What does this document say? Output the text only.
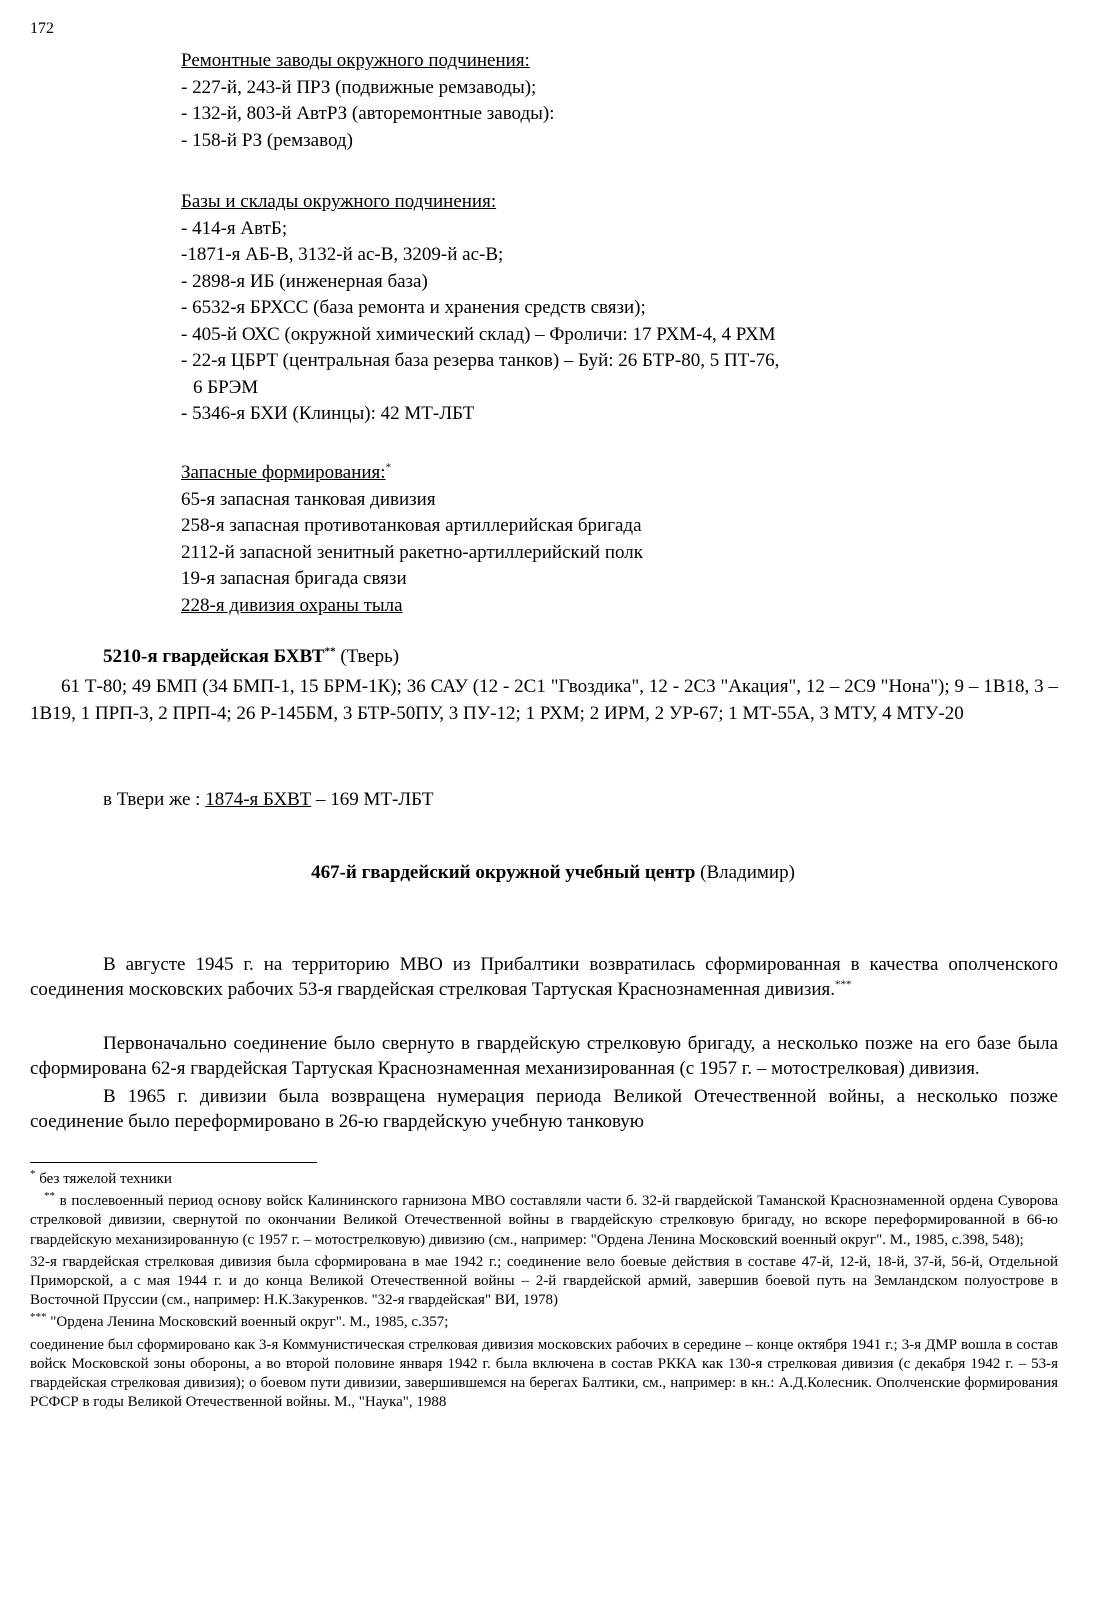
172
Ремонтные заводы окружного подчинения:
- 227-й, 243-й ПРЗ (подвижные ремзаводы);
- 132-й, 803-й АвтРЗ (авторемонтные заводы):
- 158-й РЗ (ремзавод)
Базы и склады окружного подчинения:
- 414-я АвтБ;
-1871-я АБ-В, 3132-й ас-В, 3209-й ас-В;
- 2898-я ИБ (инженерная база)
- 6532-я БРХСС (база ремонта и хранения средств связи);
- 405-й ОХС (окружной химический склад) – Фроличи: 17 РХМ-4, 4 РХМ
- 22-я ЦБРТ (центральная база резерва танков) – Буй: 26 БТР-80, 5 ПТ-76,
6 БРЭМ
- 5346-я БХИ (Клинцы): 42 МТ-ЛБТ
Запасные формирования:*
65-я запасная танковая дивизия
258-я запасная противотанковая артиллерийская бригада
2112-й запасной зенитный ракетно-артиллерийский полк
19-я запасная бригада связи
228-я дивизия охраны тыла
5210-я гвардейская БХВТ** (Тверь)
61 Т-80; 49 БМП (34 БМП-1, 15 БРМ-1К); 36 САУ (12 - 2С1 "Гвоздика", 12 - 2С3 "Акация", 12 – 2С9 "Нона"); 9 – 1В18, 3 – 1В19, 1 ПРП-3, 2 ПРП-4; 26 Р-145БМ, 3 БТР-50ПУ, 3 ПУ-12; 1 РХМ; 2 ИРМ, 2 УР-67; 1 МТ-55А, 3 МТУ, 4 МТУ-20
в Твери же : 1874-я БХВТ – 169 МТ-ЛБТ
467-й гвардейский окружной учебный центр (Владимир)
В августе 1945 г. на территорию МВО из Прибалтики возвратилась сформированная в качества ополченского соединения московских рабочих 53-я гвардейская стрелковая Тартуская Краснознаменная дивизия.***
Первоначально соединение было свернуто в гвардейскую стрелковую бригаду, а несколько позже на его базе была сформирована 62-я гвардейская Тартуская Краснознаменная механизированная (с 1957 г. – мотострелковая) дивизия.
В 1965 г. дивизии была возвращена нумерация периода Великой Отечественной войны, а несколько позже соединение было переформировано в 26-ю гвардейскую учебную танковую

* без тяжелой техники

** в послевоенный период основу войск Калининского гарнизона МВО составляли части б. 32-й гвардейской Таманской Краснознаменной ордена Суворова стрелковой дивизии, свернутой по окончании Великой Отечественной войны в гвардейскую стрелковую бригаду, но вскоре переформированной в 66-ю гвардейскую механизированную (с 1957 г. – мотострелковую) дивизию (см., например: "Ордена Ленина Московский военный округ". М., 1985, с.398, 548);

32-я гвардейская стрелковая дивизия была сформирована в мае 1942 г.; соединение вело боевые действия в составе 47-й, 12-й, 18-й, 37-й, 56-й, Отдельной Приморской, а с мая 1944 г. и до конца Великой Отечественной войны – 2-й гвардейской армий, завершив боевой путь на Земландском полуострове в Восточной Пруссии (см., например: Н.К.Закуренков. "32-я гвардейская" ВИ, 1978)

*** "Ордена Ленина Московский военный округ". М., 1985, с.357;

соединение был сформировано как 3-я Коммунистическая стрелковая дивизия московских рабочих в середине – конце октября 1941 г.; 3-я ДМР вошла в состав войск Московской зоны обороны, а во второй половине января 1942 г. была включена в состав РККА как 130-я стрелковая дивизия (с декабря 1942 г. – 53-я гвардейская стрелковая дивизия); о боевом пути дивизии, завершившемся на берегах Балтики, см., например: в кн.: А.Д.Колесник. Ополченские формирования РСФСР в годы Великой Отечественной войны. М., "Наука", 1988
